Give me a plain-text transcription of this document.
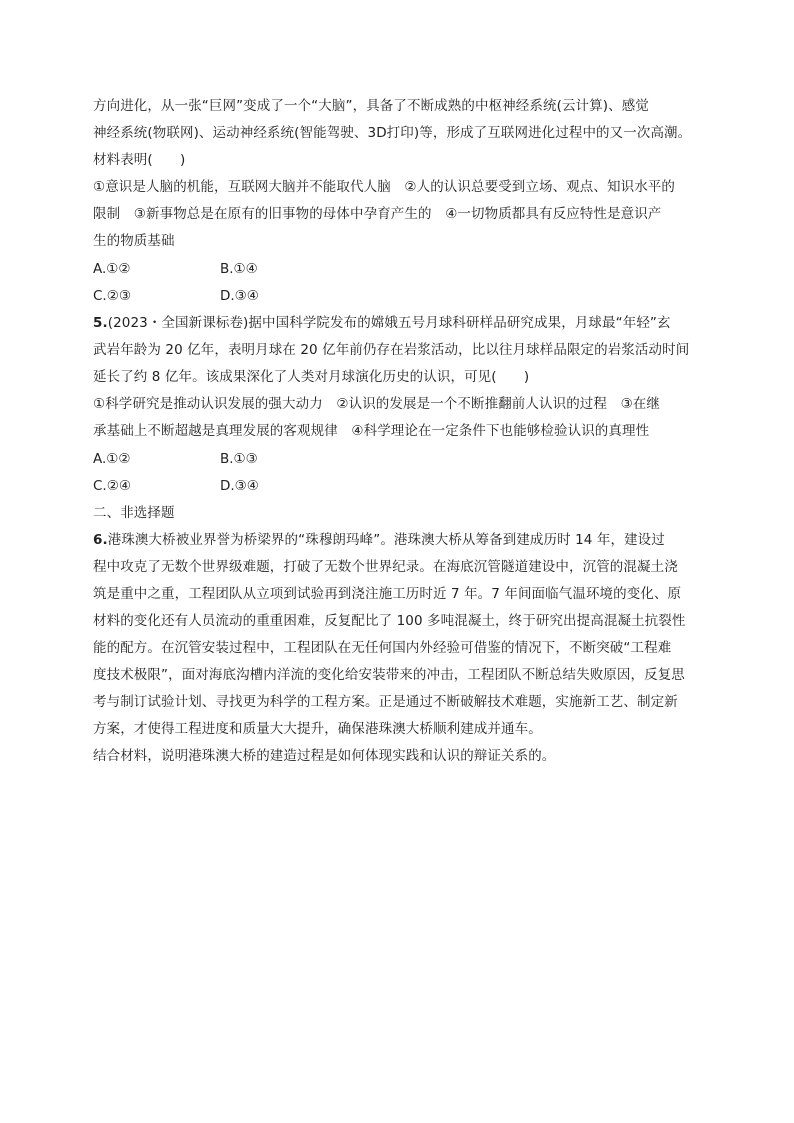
方向进化，从一张“巨网”变成了一个“大脑”，具备了不断成熟的中枢神经系统(云计算)、感觉
神经系统(物联网)、运动神经系统(智能驾驶、3D打印)等，形成了互联网进化过程中的又一次高潮。
材料表明(　　)
①意识是人脑的机能，互联网大脑并不能取代人脑　②人的认识总要受到立场、观点、知识水平的
限制　③新事物总是在原有的旧事物的母体中孕育产生的　④一切物质都具有反应特性是意识产
生的物质基础
A.①②	B.①④
C.②③	D.③④
5.(2023・全国新课标卷)据中国科学院发布的嫦娥五号月球科研样品研究成果，月球最“年轻”玄
武岩年龄为 20 亿年，表明月球在 20 亿年前仍存在岩浆活动，比以往月球样品限定的岩浆活动时间
延长了约 8 亿年。该成果深化了人类对月球演化历史的认识，可见(　　)
①科学研究是推动认识发展的强大动力　②认识的发展是一个不断推翻前人认识的过程　③在继
承基础上不断超越是真理发展的客观规律　④科学理论在一定条件下也能够检验认识的真理性
A.①②	B.①③
C.②④	D.③④
二、非选择题
6.港珠澳大桥被业界誉为桥梁界的“珠穆朗玛峰”。港珠澳大桥从筹备到建成历时 14 年，建设过
程中攻克了无数个世界级难题，打破了无数个世界纪录。在海底沉管隧道建设中，沉管的混凝土浇
筑是重中之重，工程团队从立项到试验再到浇注施工历时近 7 年。7 年间面临气温环境的变化、原
材料的变化还有人员流动的重重困难，反复配比了 100 多吨混凝土，终于研究出提高混凝土抗裂性
能的配方。在沉管安装过程中，工程团队在无任何国内外经验可借鉴的情况下，不断突破“工程难
度技术极限”，面对海底沟槽内洋流的变化给安装带来的冲击，工程团队不断总结失败原因，反复思
考与制订试验计划、寻找更为科学的工程方案。正是通过不断破解技术难题，实施新工艺、制定新
方案，才使得工程进度和质量大大提升，确保港珠澳大桥顺利建成并通车。
结合材料，说明港珠澳大桥的建造过程是如何体现实践和认识的辩证关系的。
